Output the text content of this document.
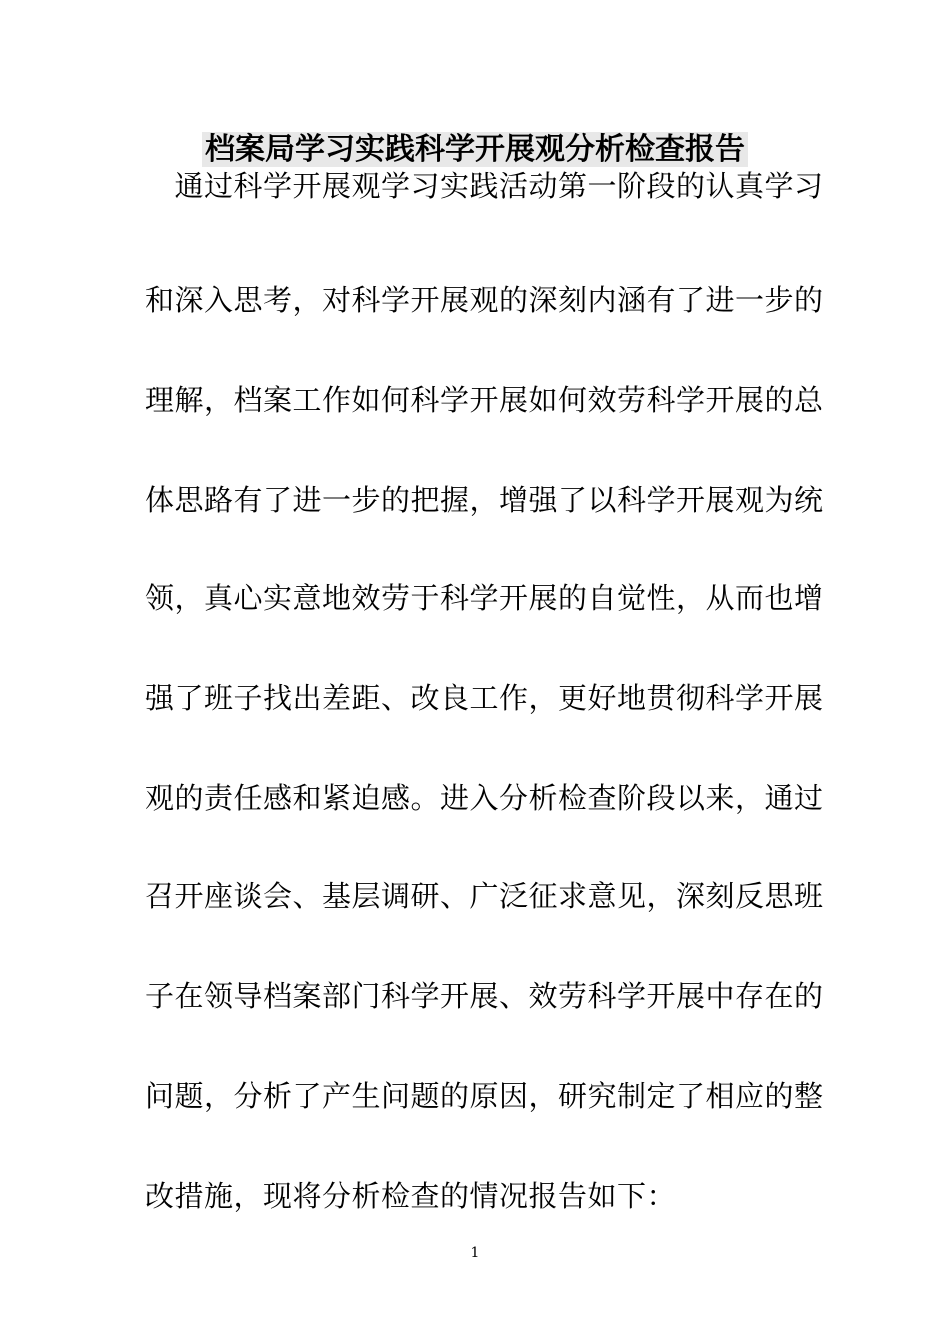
档案局学习实践科学开展观分析检查报告
　通过科学开展观学习实践活动第一阶段的认真学习
和深入思考，对科学开展观的深刻内涵有了进一步的
理解，档案工作如何科学开展如何效劳科学开展的总
体思路有了进一步的把握，增强了以科学开展观为统
领，真心实意地效劳于科学开展的自觉性，从而也增
强了班子找出差距、改良工作，更好地贯彻科学开展
观的责任感和紧迫感。进入分析检查阶段以来，通过
召开座谈会、基层调研、广泛征求意见，深刻反思班
子在领导档案部门科学开展、效劳科学开展中存在的
问题，分析了产生问题的原因，研究制定了相应的整
改措施，现将分析检查的情况报告如下：
1
